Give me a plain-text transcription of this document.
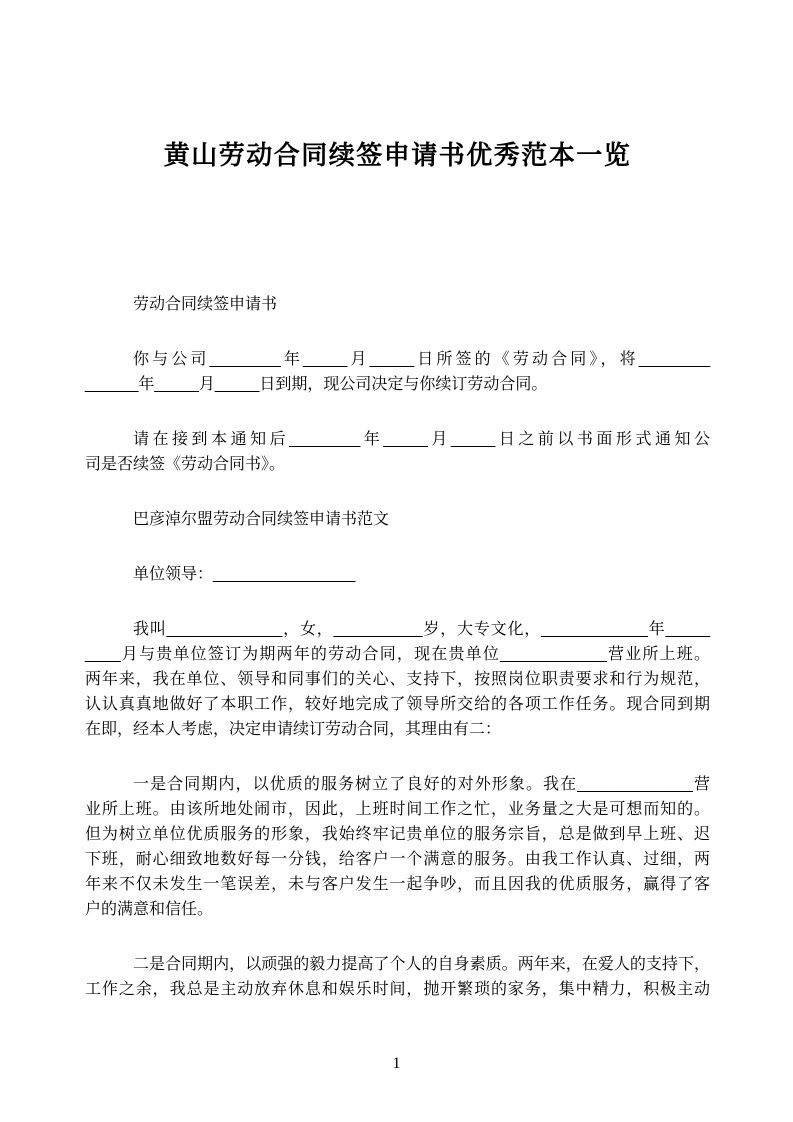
黄山劳动合同续签申请书优秀范本一览
劳动合同续签申请书
你与公司________年_____月_____日所签的《劳动合同》，将________
______年_____月_____日到期，现公司决定与你续订劳动合同。
请在接到本通知后________年_____月_____日之前以书面形式通知公
司是否续签《劳动合同书》。
巴彦淖尔盟劳动合同续签申请书范文
单位领导：________________
我叫_____________，女，__________岁，大专文化，____________年_____
____月与贵单位签订为期两年的劳动合同，现在贵单位____________营业所上班。
两年来，我在单位、领导和同事们的关心、支持下，按照岗位职责要求和行为规范，
认认真真地做好了本职工作，较好地完成了领导所交给的各项工作任务。现合同到期
在即，经本人考虑，决定申请续订劳动合同，其理由有二：
一是合同期内，以优质的服务树立了良好的对外形象。我在_____________营
业所上班。由该所地处闹市，因此，上班时间工作之忙，业务量之大是可想而知的。
但为树立单位优质服务的形象，我始终牢记贵单位的服务宗旨，总是做到早上班、迟
下班，耐心细致地数好每一分钱，给客户一个满意的服务。由我工作认真、过细，两
年来不仅未发生一笔误差，未与客户发生一起争吵，而且因我的优质服务，赢得了客
户的满意和信任。
二是合同期内，以顽强的毅力提高了个人的自身素质。两年来，在爱人的支持下，
工作之余，我总是主动放弃休息和娱乐时间，抛开繁琐的家务，集中精力，积极主动
1
